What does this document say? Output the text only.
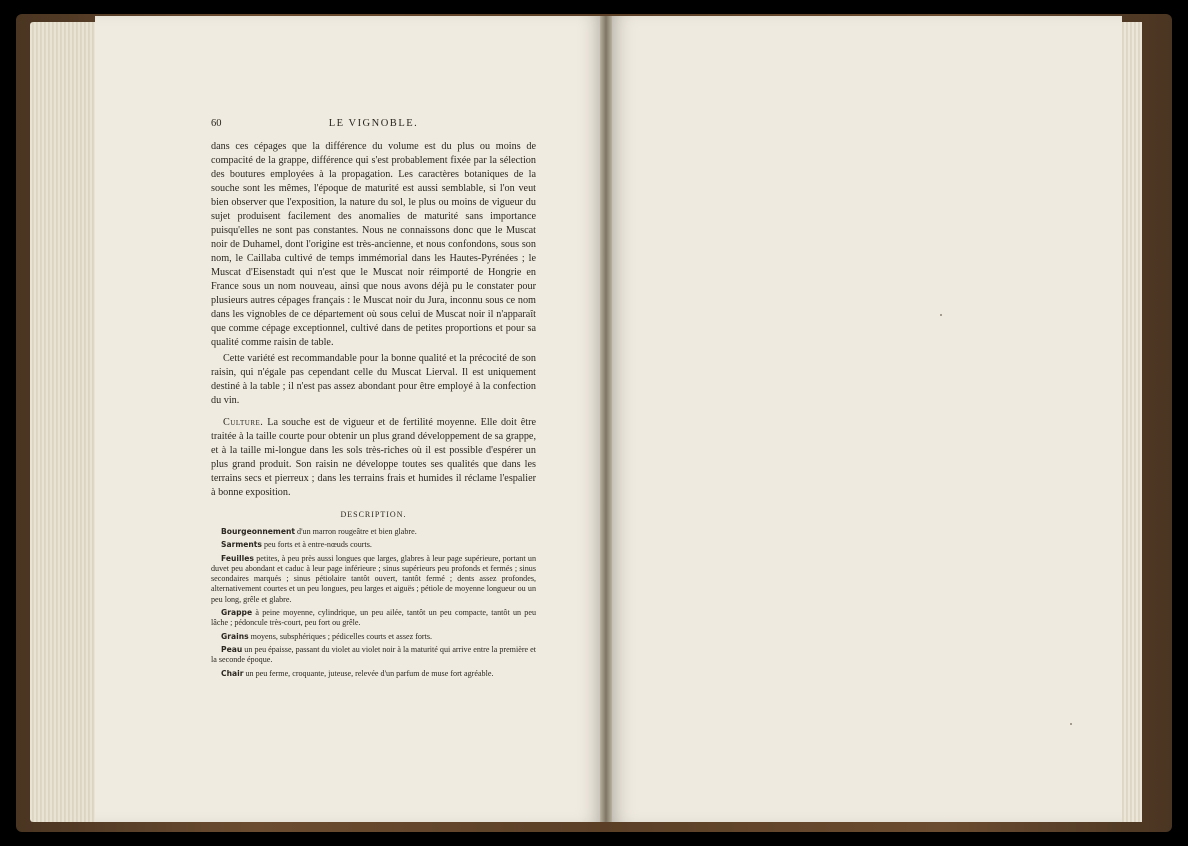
60	LE VIGNOBLE.

dans ces cépages que la différence du volume est du plus ou moins de compacité de la grappe, différence qui s'est probablement fixée par la sélection des boutures employées à la propagation. Les caractères botaniques de la souche sont les mêmes, l'époque de maturité est aussi semblable, si l'on veut bien observer que l'exposition, la nature du sol, le plus ou moins de vigueur du sujet produisent facilement des anomalies de maturité sans importance puisqu'elles ne sont pas constantes. Nous ne connaissons donc que le Muscat noir de Duhamel, dont l'origine est très-ancienne, et nous confondons, sous son nom, le Caillaba cultivé de temps immémorial dans les Hautes-Pyrénées ; le Muscat d'Eisenstadt qui n'est que le Muscat noir réimporté de Hongrie en France sous un nom nouveau, ainsi que nous avons déjà pu le constater pour plusieurs autres cépages français : le Muscat noir du Jura, inconnu sous ce nom dans les vignobles de ce département où sous celui de Muscat noir il n'apparaît que comme cépage exceptionnel, cultivé dans de petites proportions et pour sa qualité comme raisin de table.

Cette variété est recommandable pour la bonne qualité et la précocité de son raisin, qui n'égale pas cependant celle du Muscat Lierval. Il est uniquement destiné à la table ; il n'est pas assez abondant pour être employé à la confection du vin.

Culture. La souche est de vigueur et de fertilité moyenne. Elle doit être traitée à la taille courte pour obtenir un plus grand développement de sa grappe, et à la taille mi-longue dans les sols très-riches où il est possible d'espérer un plus grand produit. Son raisin ne développe toutes ses qualités que dans les terrains secs et pierreux ; dans les terrains frais et humides il réclame l'espalier à bonne exposition.

DESCRIPTION.

Bourgeonnement d'un marron rougeâtre et bien glabre.

Sarments peu forts et à entre-nœuds courts.

Feuilles petites, à peu près aussi longues que larges, glabres à leur page supérieure, portant un duvet peu abondant et caduc à leur page inférieure ; sinus supérieurs peu profonds et fermés ; sinus secondaires marqués ; sinus pétiolaire tantôt ouvert, tantôt fermé ; dents assez profondes, alternativement courtes et un peu longues, peu larges et aiguës ; pétiole de moyenne longueur ou un peu long, grêle et glabre.

Grappe à peine moyenne, cylindrique, un peu ailée, tantôt un peu compacte, tantôt un peu lâche ; pédoncule très-court, peu fort ou grêle.

Grains moyens, subsphériques ; pédicelles courts et assez forts.

Peau un peu épaisse, passant du violet au violet noir à la maturité qui arrive entre la première et la seconde époque.

Chair un peu ferme, croquante, juteuse, relevée d'un parfum de muse fort agréable.
